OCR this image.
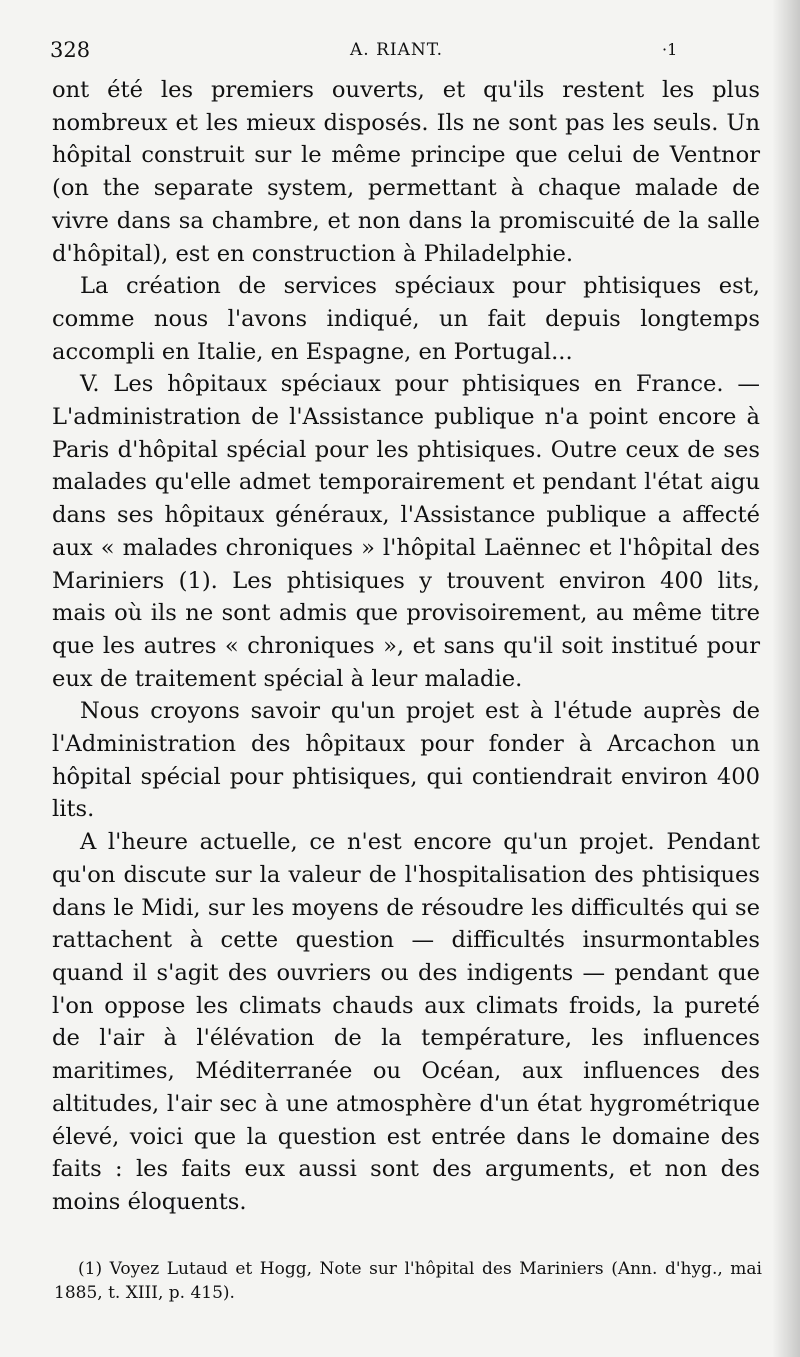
328	A. RIANT.	·1

ont été les premiers ouverts, et qu'ils restent les plus nombreux et les mieux disposés. Ils ne sont pas les seuls. Un hôpital construit sur le même principe que celui de Ventnor (on the separate system, permettant à chaque malade de vivre dans sa chambre, et non dans la promiscuité de la salle d'hôpital), est en construction à Philadelphie.

La création de services spéciaux pour phtisiques est, comme nous l'avons indiqué, un fait depuis longtemps accompli en Italie, en Espagne, en Portugal...

V. Les hôpitaux spéciaux pour phtisiques en France. — L'administration de l'Assistance publique n'a point encore à Paris d'hôpital spécial pour les phtisiques. Outre ceux de ses malades qu'elle admet temporairement et pendant l'état aigu dans ses hôpitaux généraux, l'Assistance publique a affecté aux « malades chroniques » l'hôpital Laënnec et l'hôpital des Mariniers (1). Les phtisiques y trouvent environ 400 lits, mais où ils ne sont admis que provisoirement, au même titre que les autres « chroniques », et sans qu'il soit institué pour eux de traitement spécial à leur maladie.

Nous croyons savoir qu'un projet est à l'étude auprès de l'Administration des hôpitaux pour fonder à Arcachon un hôpital spécial pour phtisiques, qui contiendrait environ 400 lits.

A l'heure actuelle, ce n'est encore qu'un projet. Pendant qu'on discute sur la valeur de l'hospitalisation des phtisiques dans le Midi, sur les moyens de résoudre les difficultés qui se rattachent à cette question — difficultés insurmontables quand il s'agit des ouvriers ou des indigents — pendant que l'on oppose les climats chauds aux climats froids, la pureté de l'air à l'élévation de la température, les influences maritimes, Méditerranée ou Océan, aux influences des altitudes, l'air sec à une atmosphère d'un état hygrométrique élevé, voici que la question est entrée dans le domaine des faits : les faits eux aussi sont des arguments, et non des moins éloquents.

(1) Voyez Lutaud et Hogg, Note sur l'hôpital des Mariniers (Ann. d'hyg., mai 1885, t. XIII, p. 415).
